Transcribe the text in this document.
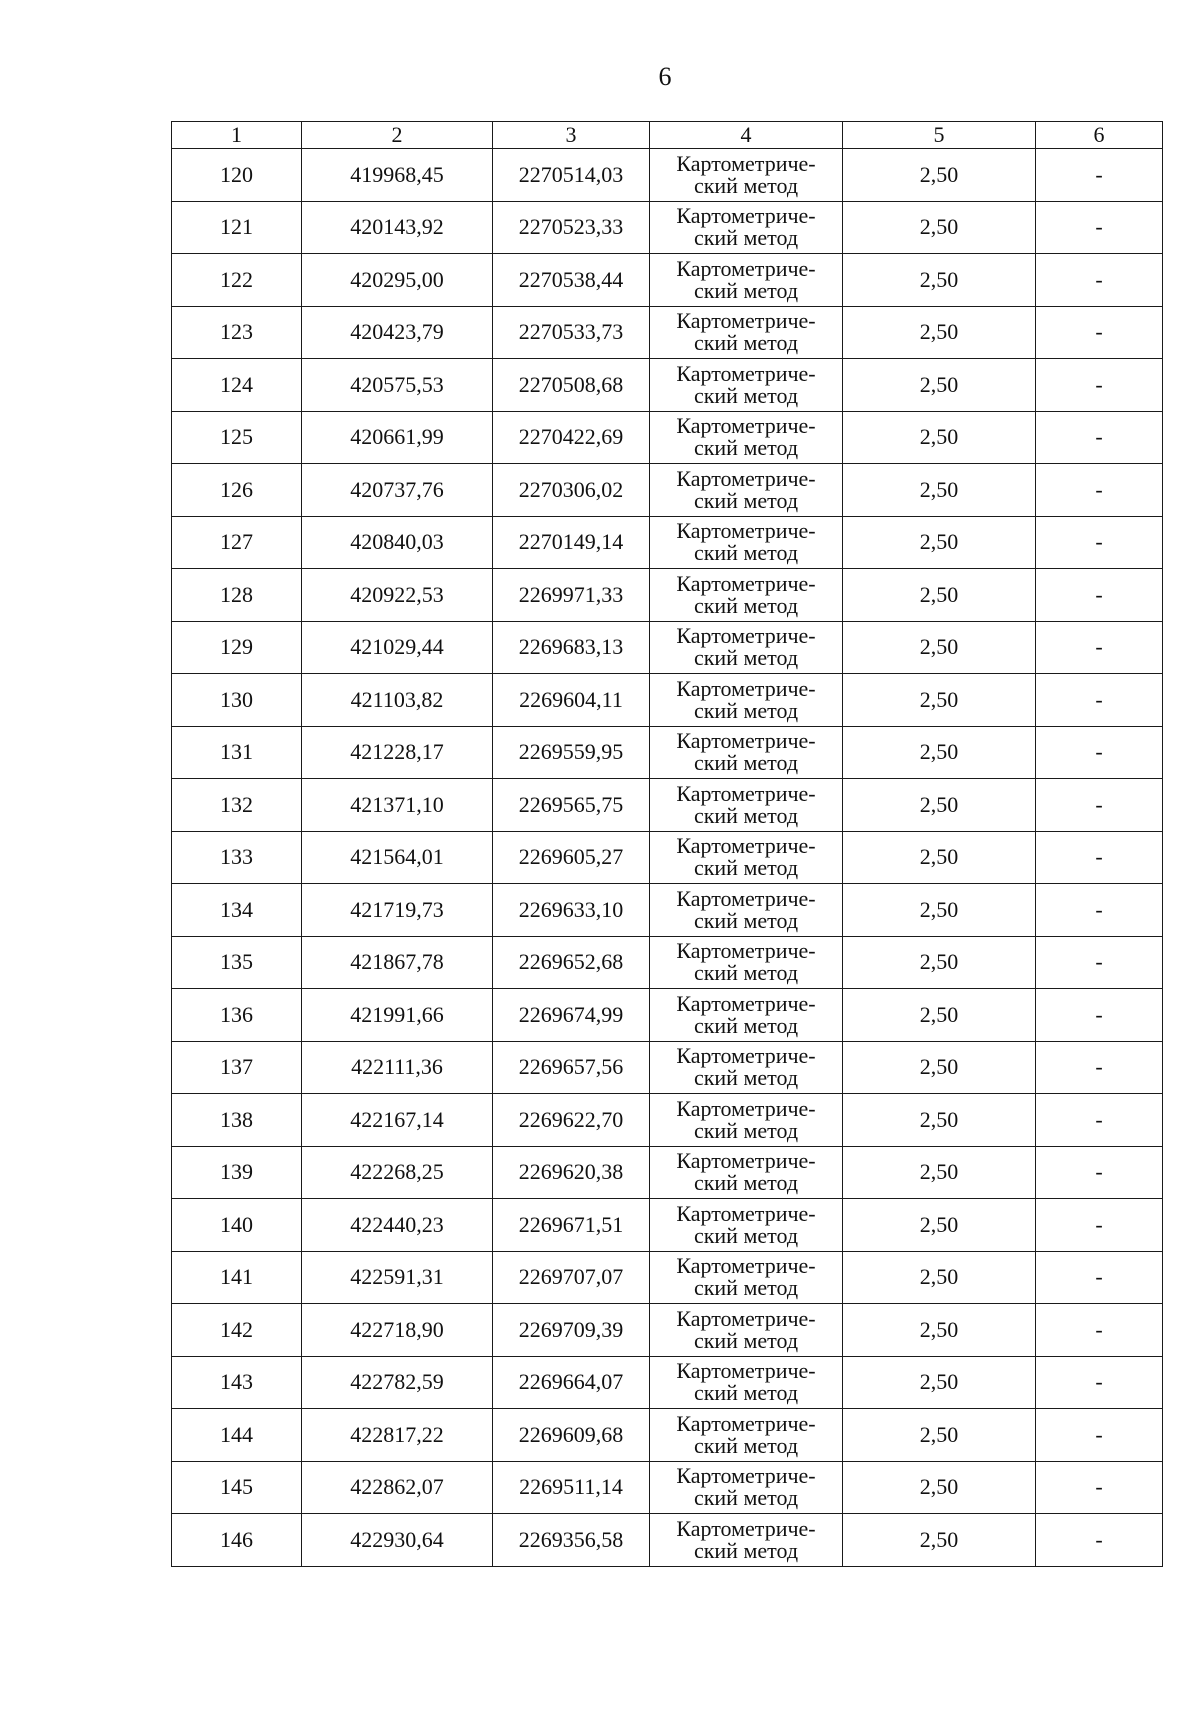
6
1	2	3	4	5	6
120	419968,45	2270514,03	Картометриче-
ский метод	2,50	-
121	420143,92	2270523,33	Картометриче-
ский метод	2,50	-
122	420295,00	2270538,44	Картометриче-
ский метод	2,50	-
123	420423,79	2270533,73	Картометриче-
ский метод	2,50	-
124	420575,53	2270508,68	Картометриче-
ский метод	2,50	-
125	420661,99	2270422,69	Картометриче-
ский метод	2,50	-
126	420737,76	2270306,02	Картометриче-
ский метод	2,50	-
127	420840,03	2270149,14	Картометриче-
ский метод	2,50	-
128	420922,53	2269971,33	Картометриче-
ский метод	2,50	-
129	421029,44	2269683,13	Картометриче-
ский метод	2,50	-
130	421103,82	2269604,11	Картометриче-
ский метод	2,50	-
131	421228,17	2269559,95	Картометриче-
ский метод	2,50	-
132	421371,10	2269565,75	Картометриче-
ский метод	2,50	-
133	421564,01	2269605,27	Картометриче-
ский метод	2,50	-
134	421719,73	2269633,10	Картометриче-
ский метод	2,50	-
135	421867,78	2269652,68	Картометриче-
ский метод	2,50	-
136	421991,66	2269674,99	Картометриче-
ский метод	2,50	-
137	422111,36	2269657,56	Картометриче-
ский метод	2,50	-
138	422167,14	2269622,70	Картометриче-
ский метод	2,50	-
139	422268,25	2269620,38	Картометриче-
ский метод	2,50	-
140	422440,23	2269671,51	Картометриче-
ский метод	2,50	-
141	422591,31	2269707,07	Картометриче-
ский метод	2,50	-
142	422718,90	2269709,39	Картометриче-
ский метод	2,50	-
143	422782,59	2269664,07	Картометриче-
ский метод	2,50	-
144	422817,22	2269609,68	Картометриче-
ский метод	2,50	-
145	422862,07	2269511,14	Картометриче-
ский метод	2,50	-
146	422930,64	2269356,58	Картометриче-
ский метод	2,50	-
